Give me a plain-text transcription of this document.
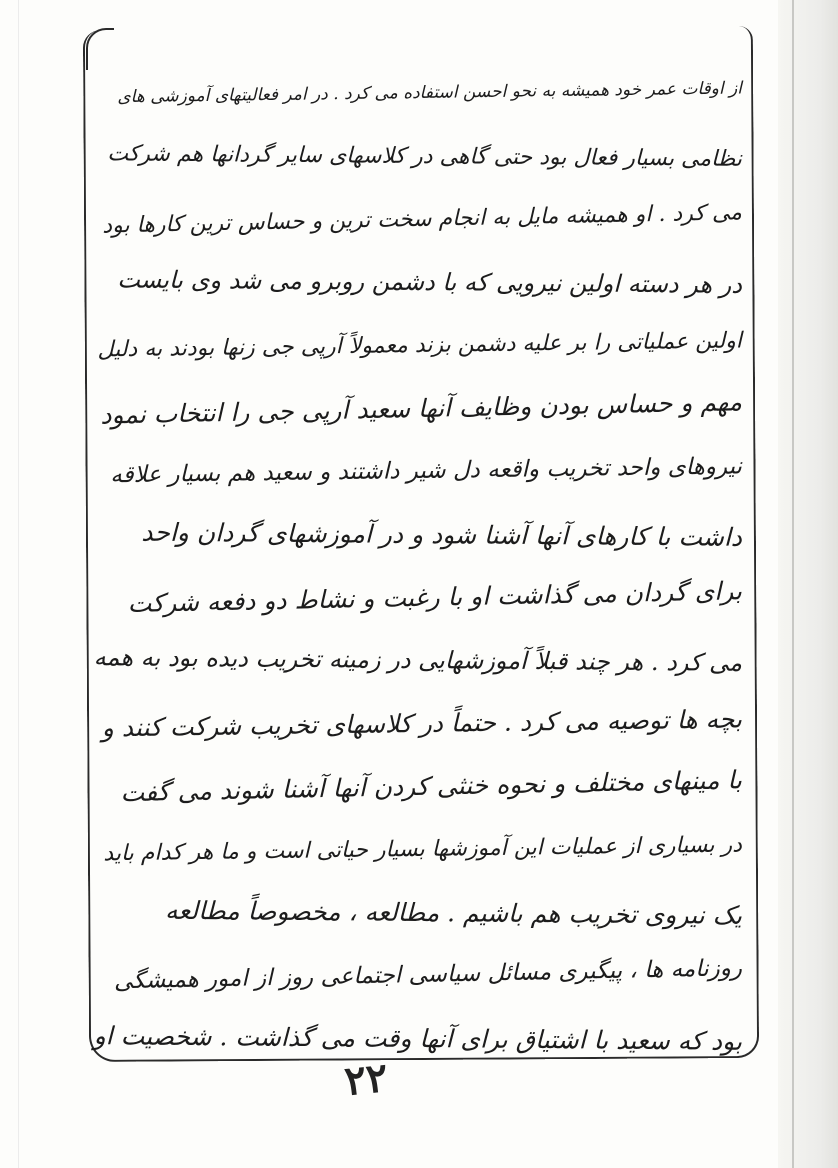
از اوقات عمر خود همیشه به نحو احسن استفاده می کرد . در امر فعالیتهای آموزشی های
نظامی بسیار فعال بود حتی گاهی در کلاسهای سایر گردانها هم شرکت
می کرد . او همیشه مایل به انجام سخت ترین و حساس ترین کارها بود
در هر دسته اولین نیرویی که با دشمن روبرو می شد وی بایست
اولین عملیاتی را بر علیه دشمن بزند معمولاً آرپی جی زنها بودند به دلیل
مهم و حساس بودن وظایف آنها سعید آرپی جی را انتخاب نمود
نیروهای واحد تخریب واقعه دل شیر داشتند و سعید هم بسیار علاقه
داشت با کارهای آنها آشنا شود و در آموزشهای گردان واحد
برای گردان می گذاشت او با رغبت و نشاط دو دفعه شرکت
می کرد . هر چند قبلاً آموزشهایی در زمینه تخریب دیده بود به همه
بچه ها توصیه می کرد . حتماً در کلاسهای تخریب شرکت کنند و
با مینهای مختلف و نحوه خنثی کردن آنها آشنا شوند می گفت
در بسیاری از عملیات این آموزشها بسیار حیاتی است و ما هر کدام باید
یک نیروی تخریب هم باشیم . مطالعه ، مخصوصاً مطالعه
روزنامه ها ، پیگیری مسائل سیاسی اجتماعی روز از امور همیشگی
بود که سعید با اشتیاق برای آنها وقت می گذاشت . شخصیت او
۲۲
